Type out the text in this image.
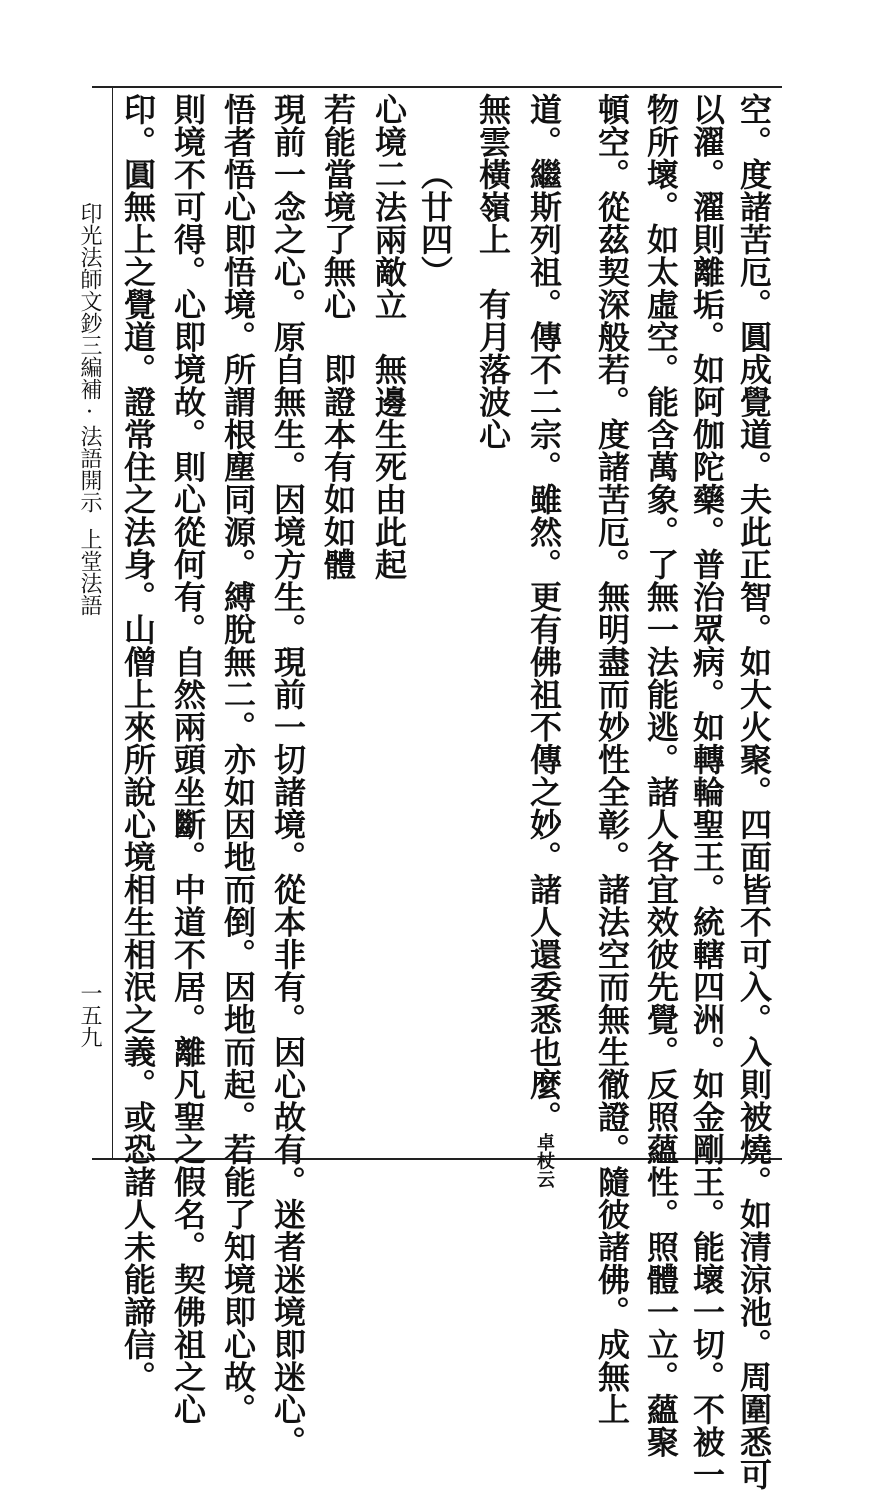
印光法師文鈔三編補·法語開示
上堂法語
一五九	空。度諸苦厄。圓成覺道。夫此正智。如大火聚。四面皆不可入。入則被燒。如清涼池。周圍悉可
以濯。濯則離垢。如阿伽陀藥。普治眾病。如轉輪聖王。統轄四洲。如金剛王。能壞一切。不被一
物所壞。如太虛空。能含萬象。了無一法能逃。諸人各宜效彼先覺。反照蘊性。照體一立。蘊聚
頓空。從茲契深般若。度諸苦厄。無明盡而妙性全彰。諸法空而無生徹證。隨彼諸佛。成無上
道。繼斯列祖。傳不二宗。雖然。更有佛祖不傳之妙。諸人還委悉也麼。卓杖云
無雲橫嶺上　有月落波心
（廿四）
心境二法兩敵立　無邊生死由此起
若能當境了無心　即證本有如如體
現前一念之心。原自無生。因境方生。現前一切諸境。從本非有。因心故有。迷者迷境即迷心。
悟者悟心即悟境。所謂根塵同源。縛脫無二。亦如因地而倒。因地而起。若能了知境即心故。
則境不可得。心即境故。則心從何有。自然兩頭坐斷。中道不居。離凡聖之假名。契佛祖之心
印。圓無上之覺道。證常住之法身。山僧上來所說心境相生相泯之義。或恐諸人未能諦信。
